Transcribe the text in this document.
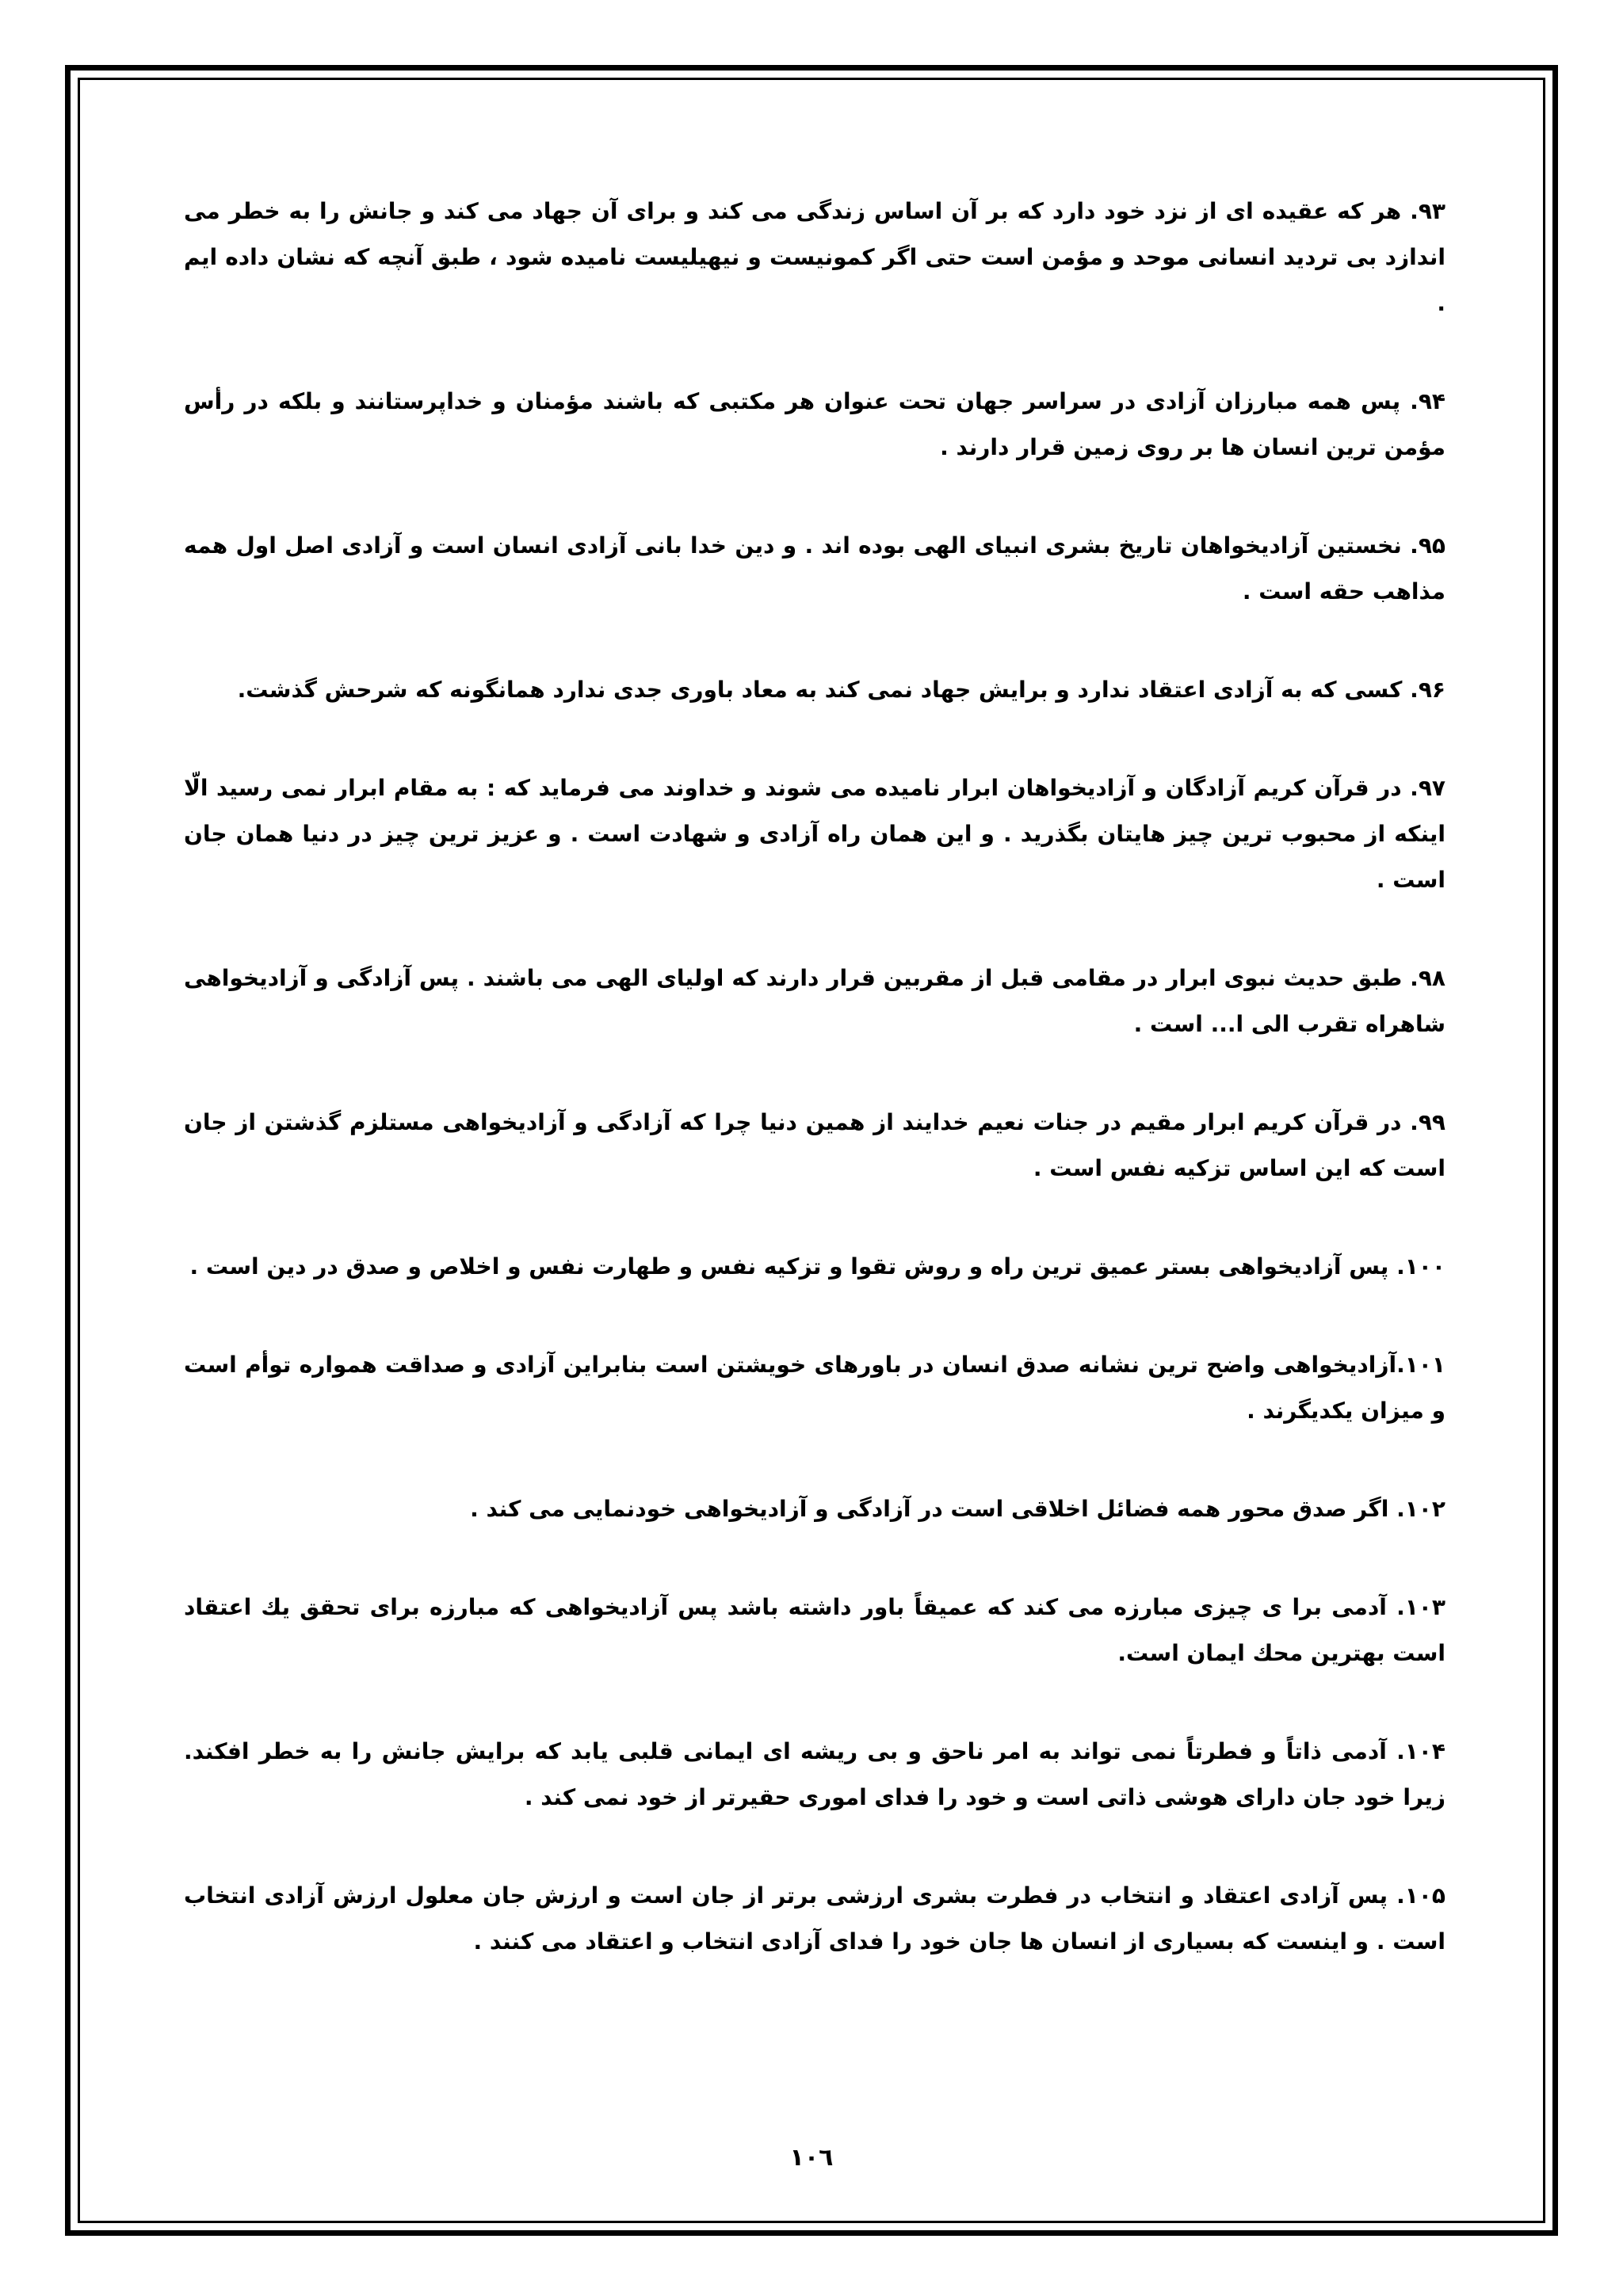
۹۳. هر که عقیده ای از نزد خود دارد که بر آن اساس زندگی می کند و برای آن جهاد می کند و جانش را به خطر می اندازد بی تردید انسانی موحد و مؤمن است حتی اگر کمونیست و نیهیلیست نامیده شود ، طبق آنچه که نشان داده ایم .

۹۴. پس همه مبارزان آزادی در سراسر جهان تحت عنوان هر مکتبی که باشند مؤمنان و خداپرستانند و بلکه در رأس مؤمن ترین انسان ها بر روی زمین قرار دارند .

۹۵. نخستین آزادیخواهان تاریخ بشری انبیای الهی بوده اند . و دین خدا بانی آزادی انسان است و آزادی اصل اول همه مذاهب حقه است .

۹۶. کسی که به آزادی اعتقاد ندارد و برایش جهاد نمی کند به معاد باوری جدی ندارد همانگونه که شرحش گذشت.

۹۷. در قرآن کریم آزادگان و آزادیخواهان ابرار نامیده می شوند و خداوند می فرماید که : به مقام ابرار نمی رسید الّا اینکه از محبوب ترین چیز هایتان بگذرید . و این همان راه آزادی و شهادت است . و عزیز ترین چیز در دنیا همان جان است .

۹۸. طبق حدیث نبوی ابرار در مقامی قبل از مقربین قرار دارند که اولیای الهی می باشند . پس آزادگی و آزادیخواهی شاهراه تقرب الی ا... است .

۹۹. در قرآن کریم ابرار مقیم در جنات نعیم خدایند از همین دنیا چرا که آزادگی و آزادیخواهی مستلزم گذشتن از جان است که این اساس تزکیه نفس است .

۱۰۰. پس آزادیخواهی بستر عمیق ترین راه و روش تقوا و تزکیه نفس و طهارت نفس و اخلاص و صدق در دین است .

۱۰۱.آزادیخواهی واضح ترین نشانه صدق انسان در باورهای خویشتن است بنابراین آزادی و صداقت همواره توأم است و میزان یکدیگرند .

۱۰۲. اگر صدق محور همه فضائل اخلاقی است در آزادگی و آزادیخواهی خودنمایی می کند .

۱۰۳. آدمی برا ی چیزی مبارزه می کند که عمیقاً باور داشته باشد پس آزادیخواهی که مبارزه برای تحقق یك اعتقاد است بهترین محك ایمان است.

۱۰۴. آدمی ذاتاً و فطرتاً نمی تواند به امر ناحق و بی ریشه ای ایمانی قلبی یابد که برایش جانش را به خطر افکند. زیرا خود جان دارای هوشی ذاتی است و خود را فدای اموری حقیرتر از خود نمی کند .

۱۰۵. پس آزادی اعتقاد و انتخاب در فطرت بشری ارزشی برتر از جان است و ارزش جان معلول ارزش آزادی انتخاب است . و اینست که بسیاری از انسان ها جان خود را فدای آزادی انتخاب و اعتقاد می کنند .

۱۰٦
